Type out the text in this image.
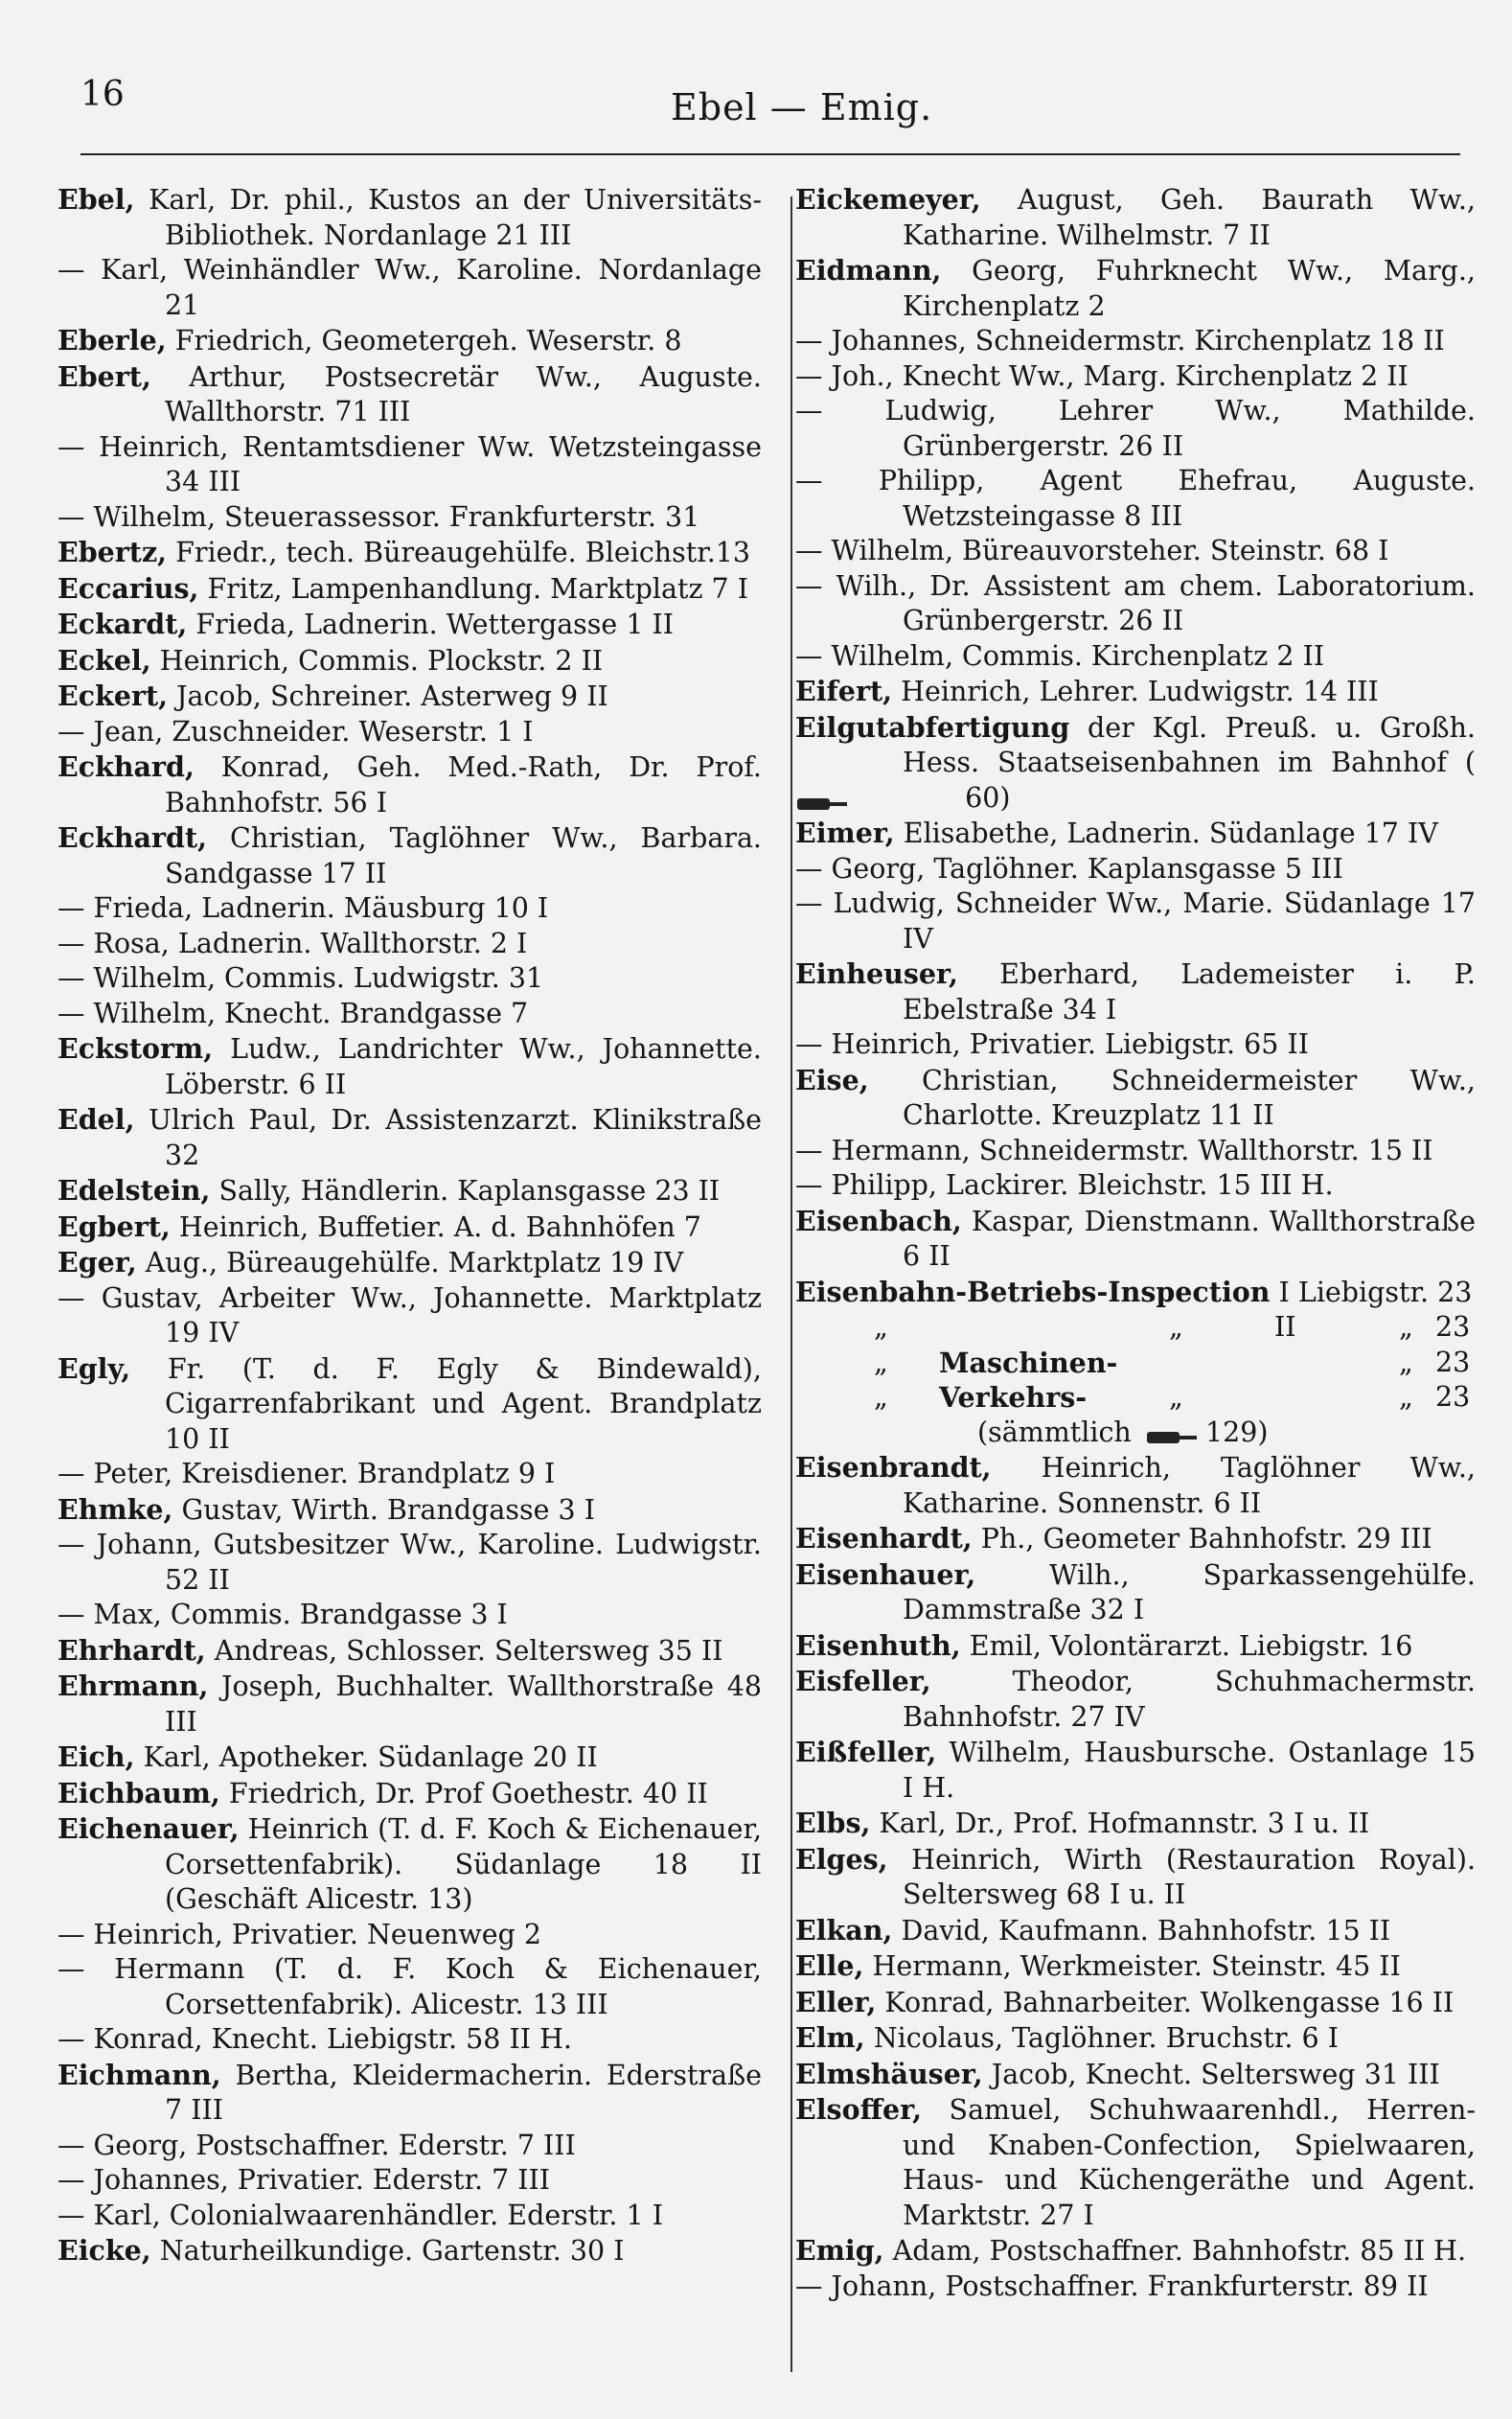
16	Ebel — Emig.
Ebel, Karl, Dr. phil., Kustos an der Universitäts-Bibliothek. Nordanlage 21 III
— Karl, Weinhändler Ww., Karoline. Nordanlage 21
Eberle, Friedrich, Geometergeh. Weserstr. 8
Ebert, Arthur, Postsecretär Ww., Auguste. Wallthorstr. 71 III
— Heinrich, Rentamtsdiener Ww. Wetzsteingasse 34 III
— Wilhelm, Steuerassessor. Frankfurterstr. 31
Ebertz, Friedr., tech. Büreaugehülfe. Bleichstr.13
Eccarius, Fritz, Lampenhandlung. Marktplatz 7 I
Eckardt, Frieda, Ladnerin. Wettergasse 1 II
Eckel, Heinrich, Commis. Plockstr. 2 II
Eckert, Jacob, Schreiner. Asterweg 9 II
— Jean, Zuschneider. Weserstr. 1 I
Eckhard, Konrad, Geh. Med.-Rath, Dr. Prof. Bahnhofstr. 56 I
Eckhardt, Christian, Taglöhner Ww., Barbara. Sandgasse 17 II
— Frieda, Ladnerin. Mäusburg 10 I
— Rosa, Ladnerin. Wallthorstr. 2 I
— Wilhelm, Commis. Ludwigstr. 31
— Wilhelm, Knecht. Brandgasse 7
Eckstorm, Ludw., Landrichter Ww., Johannette. Löberstr. 6 II
Edel, Ulrich Paul, Dr. Assistenzarzt. Klinikstraße 32
Edelstein, Sally, Händlerin. Kaplansgasse 23 II
Egbert, Heinrich, Buffetier. A. d. Bahnhöfen 7
Eger, Aug., Büreaugehülfe. Marktplatz 19 IV
— Gustav, Arbeiter Ww., Johannette. Marktplatz 19 IV
Egly, Fr. (T. d. F. Egly & Bindewald), Cigarrenfabrikant und Agent. Brandplatz 10 II
— Peter, Kreisdiener. Brandplatz 9 I
Ehmke, Gustav, Wirth. Brandgasse 3 I
— Johann, Gutsbesitzer Ww., Karoline. Ludwigstr. 52 II
— Max, Commis. Brandgasse 3 I
Ehrhardt, Andreas, Schlosser. Seltersweg 35 II
Ehrmann, Joseph, Buchhalter. Wallthorstraße 48 III
Eich, Karl, Apotheker. Südanlage 20 II
Eichbaum, Friedrich, Dr. Prof Goethestr. 40 II
Eichenauer, Heinrich (T. d. F. Koch & Eichenauer, Corsettenfabrik). Südanlage 18 II (Geschäft Alicestr. 13)
— Heinrich, Privatier. Neuenweg 2
— Hermann (T. d. F. Koch & Eichenauer, Corsettenfabrik). Alicestr. 13 III
— Konrad, Knecht. Liebigstr. 58 II H.
Eichmann, Bertha, Kleidermacherin. Ederstraße 7 III
— Georg, Postschaffner. Ederstr. 7 III
— Johannes, Privatier. Ederstr. 7 III
— Karl, Colonialwaarenhändler. Ederstr. 1 I
Eicke, Naturheilkundige. Gartenstr. 30 I
Eickemeyer, August, Geh. Baurath Ww., Katharine. Wilhelmstr. 7 II
Eidmann, Georg, Fuhrknecht Ww., Marg., Kirchenplatz 2
— Johannes, Schneidermstr. Kirchenplatz 18 II
— Joh., Knecht Ww., Marg. Kirchenplatz 2 II
— Ludwig, Lehrer Ww., Mathilde. Grünbergerstr. 26 II
— Philipp, Agent Ehefrau, Auguste. Wetzsteingasse 8 III
— Wilhelm, Büreauvorsteher. Steinstr. 68 I
— Wilh., Dr. Assistent am chem. Laboratorium. Grünbergerstr. 26 II
— Wilhelm, Commis. Kirchenplatz 2 II
Eifert, Heinrich, Lehrer. Ludwigstr. 14 III
Eilgutabfertigung der Kgl. Preuß. u. Großh. Hess. Staatseisenbahnen im Bahnhof (  60)
Eimer, Elisabethe, Ladnerin. Südanlage 17 IV
— Georg, Taglöhner. Kaplansgasse 5 III
— Ludwig, Schneider Ww., Marie. Südanlage 17 IV
Einheuser, Eberhard, Lademeister i. P. Ebelstraße 34 I
— Heinrich, Privatier. Liebigstr. 65 II
Eise, Christian, Schneidermeister Ww., Charlotte. Kreuzplatz 11 II
— Hermann, Schneidermstr. Wallthorstr. 15 II
— Philipp, Lackirer. Bleichstr. 15 III H.
Eisenbach, Kaspar, Dienstmann. Wallthorstraße 6 II
Eisenbahn-Betriebs-Inspection I Liebigstr. 23
„	„	II	„ 23
„ Maschinen-	„ 23
„ Verkehrs-	„	„ 23
(sämmtlich	129)
Eisenbrandt, Heinrich, Taglöhner Ww., Katharine. Sonnenstr. 6 II
Eisenhardt, Ph., Geometer Bahnhofstr. 29 III
Eisenhauer, Wilh., Sparkassengehülfe. Dammstraße 32 I
Eisenhuth, Emil, Volontärarzt. Liebigstr. 16
Eisfeller, Theodor, Schuhmachermstr. Bahnhofstr. 27 IV
Eißfeller, Wilhelm, Hausbursche. Ostanlage 15 I H.
Elbs, Karl, Dr., Prof. Hofmannstr. 3 I u. II
Elges, Heinrich, Wirth (Restauration Royal). Seltersweg 68 I u. II
Elkan, David, Kaufmann. Bahnhofstr. 15 II
Elle, Hermann, Werkmeister. Steinstr. 45 II
Eller, Konrad, Bahnarbeiter. Wolkengasse 16 II
Elm, Nicolaus, Taglöhner. Bruchstr. 6 I
Elmshäuser, Jacob, Knecht. Seltersweg 31 III
Elsoffer, Samuel, Schuhwaarenhdl., Herren- und Knaben-Confection, Spielwaaren, Haus- und Küchengeräthe und Agent. Marktstr. 27 I
Emig, Adam, Postschaffner. Bahnhofstr. 85 II H.
— Johann, Postschaffner. Frankfurterstr. 89 II
